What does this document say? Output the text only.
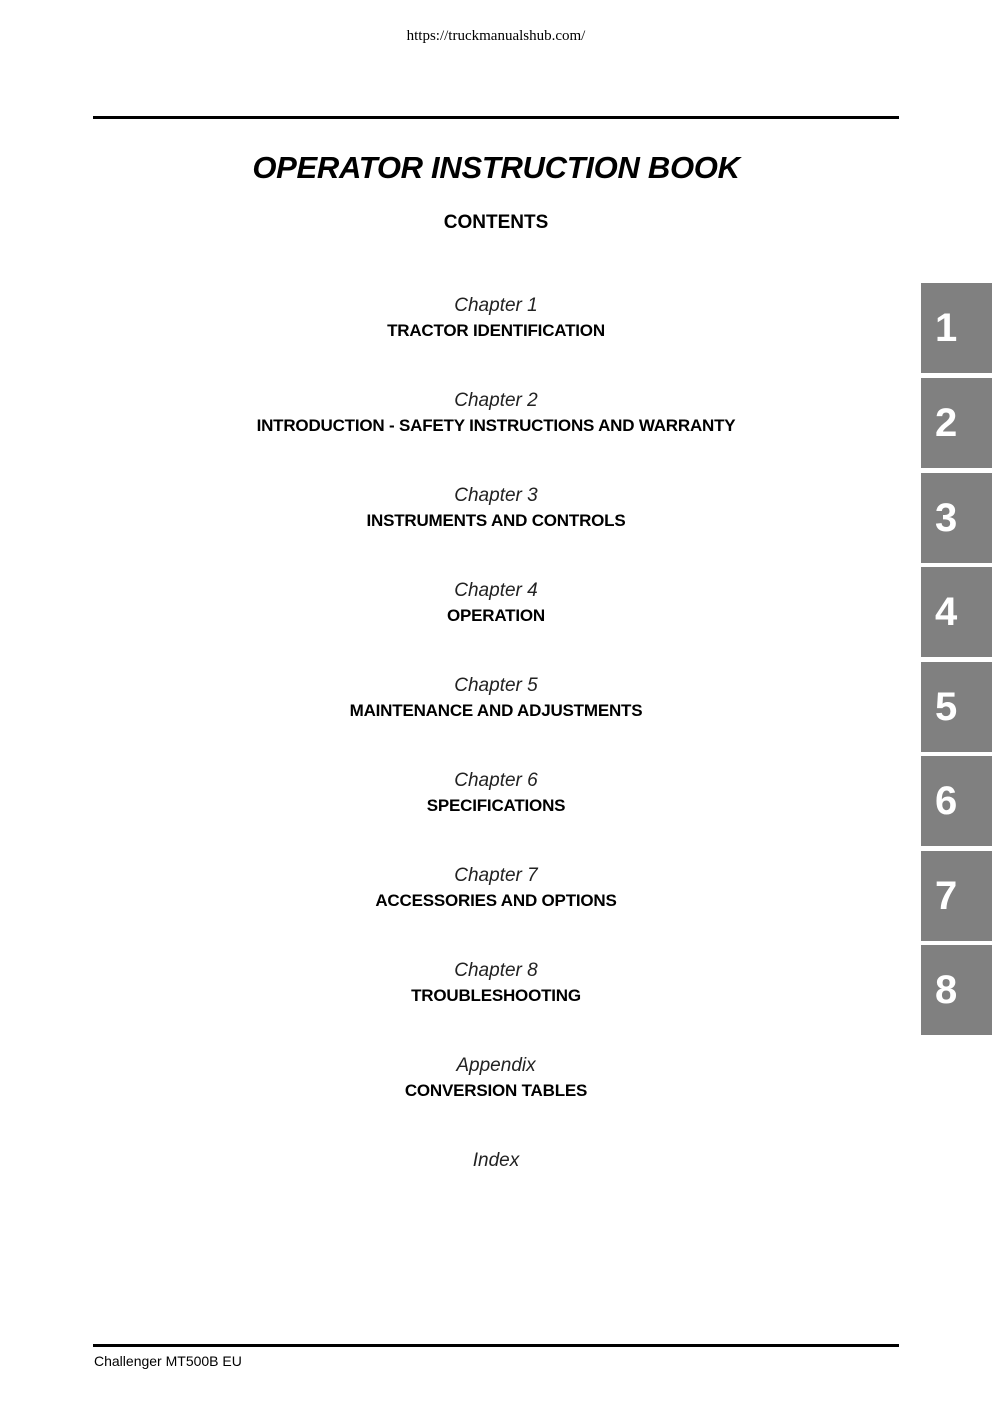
https://truckmanualshub.com/
OPERATOR INSTRUCTION BOOK
CONTENTS
Chapter 1
TRACTOR IDENTIFICATION
Chapter 2
INTRODUCTION - SAFETY INSTRUCTIONS AND WARRANTY
Chapter 3
INSTRUMENTS AND CONTROLS
Chapter 4
OPERATION
Chapter 5
MAINTENANCE AND ADJUSTMENTS
Chapter 6
SPECIFICATIONS
Chapter 7
ACCESSORIES AND OPTIONS
Chapter 8
TROUBLESHOOTING
Appendix
CONVERSION TABLES
Index
1
2
3
4
5
6
7
8
Challenger MT500B EU
